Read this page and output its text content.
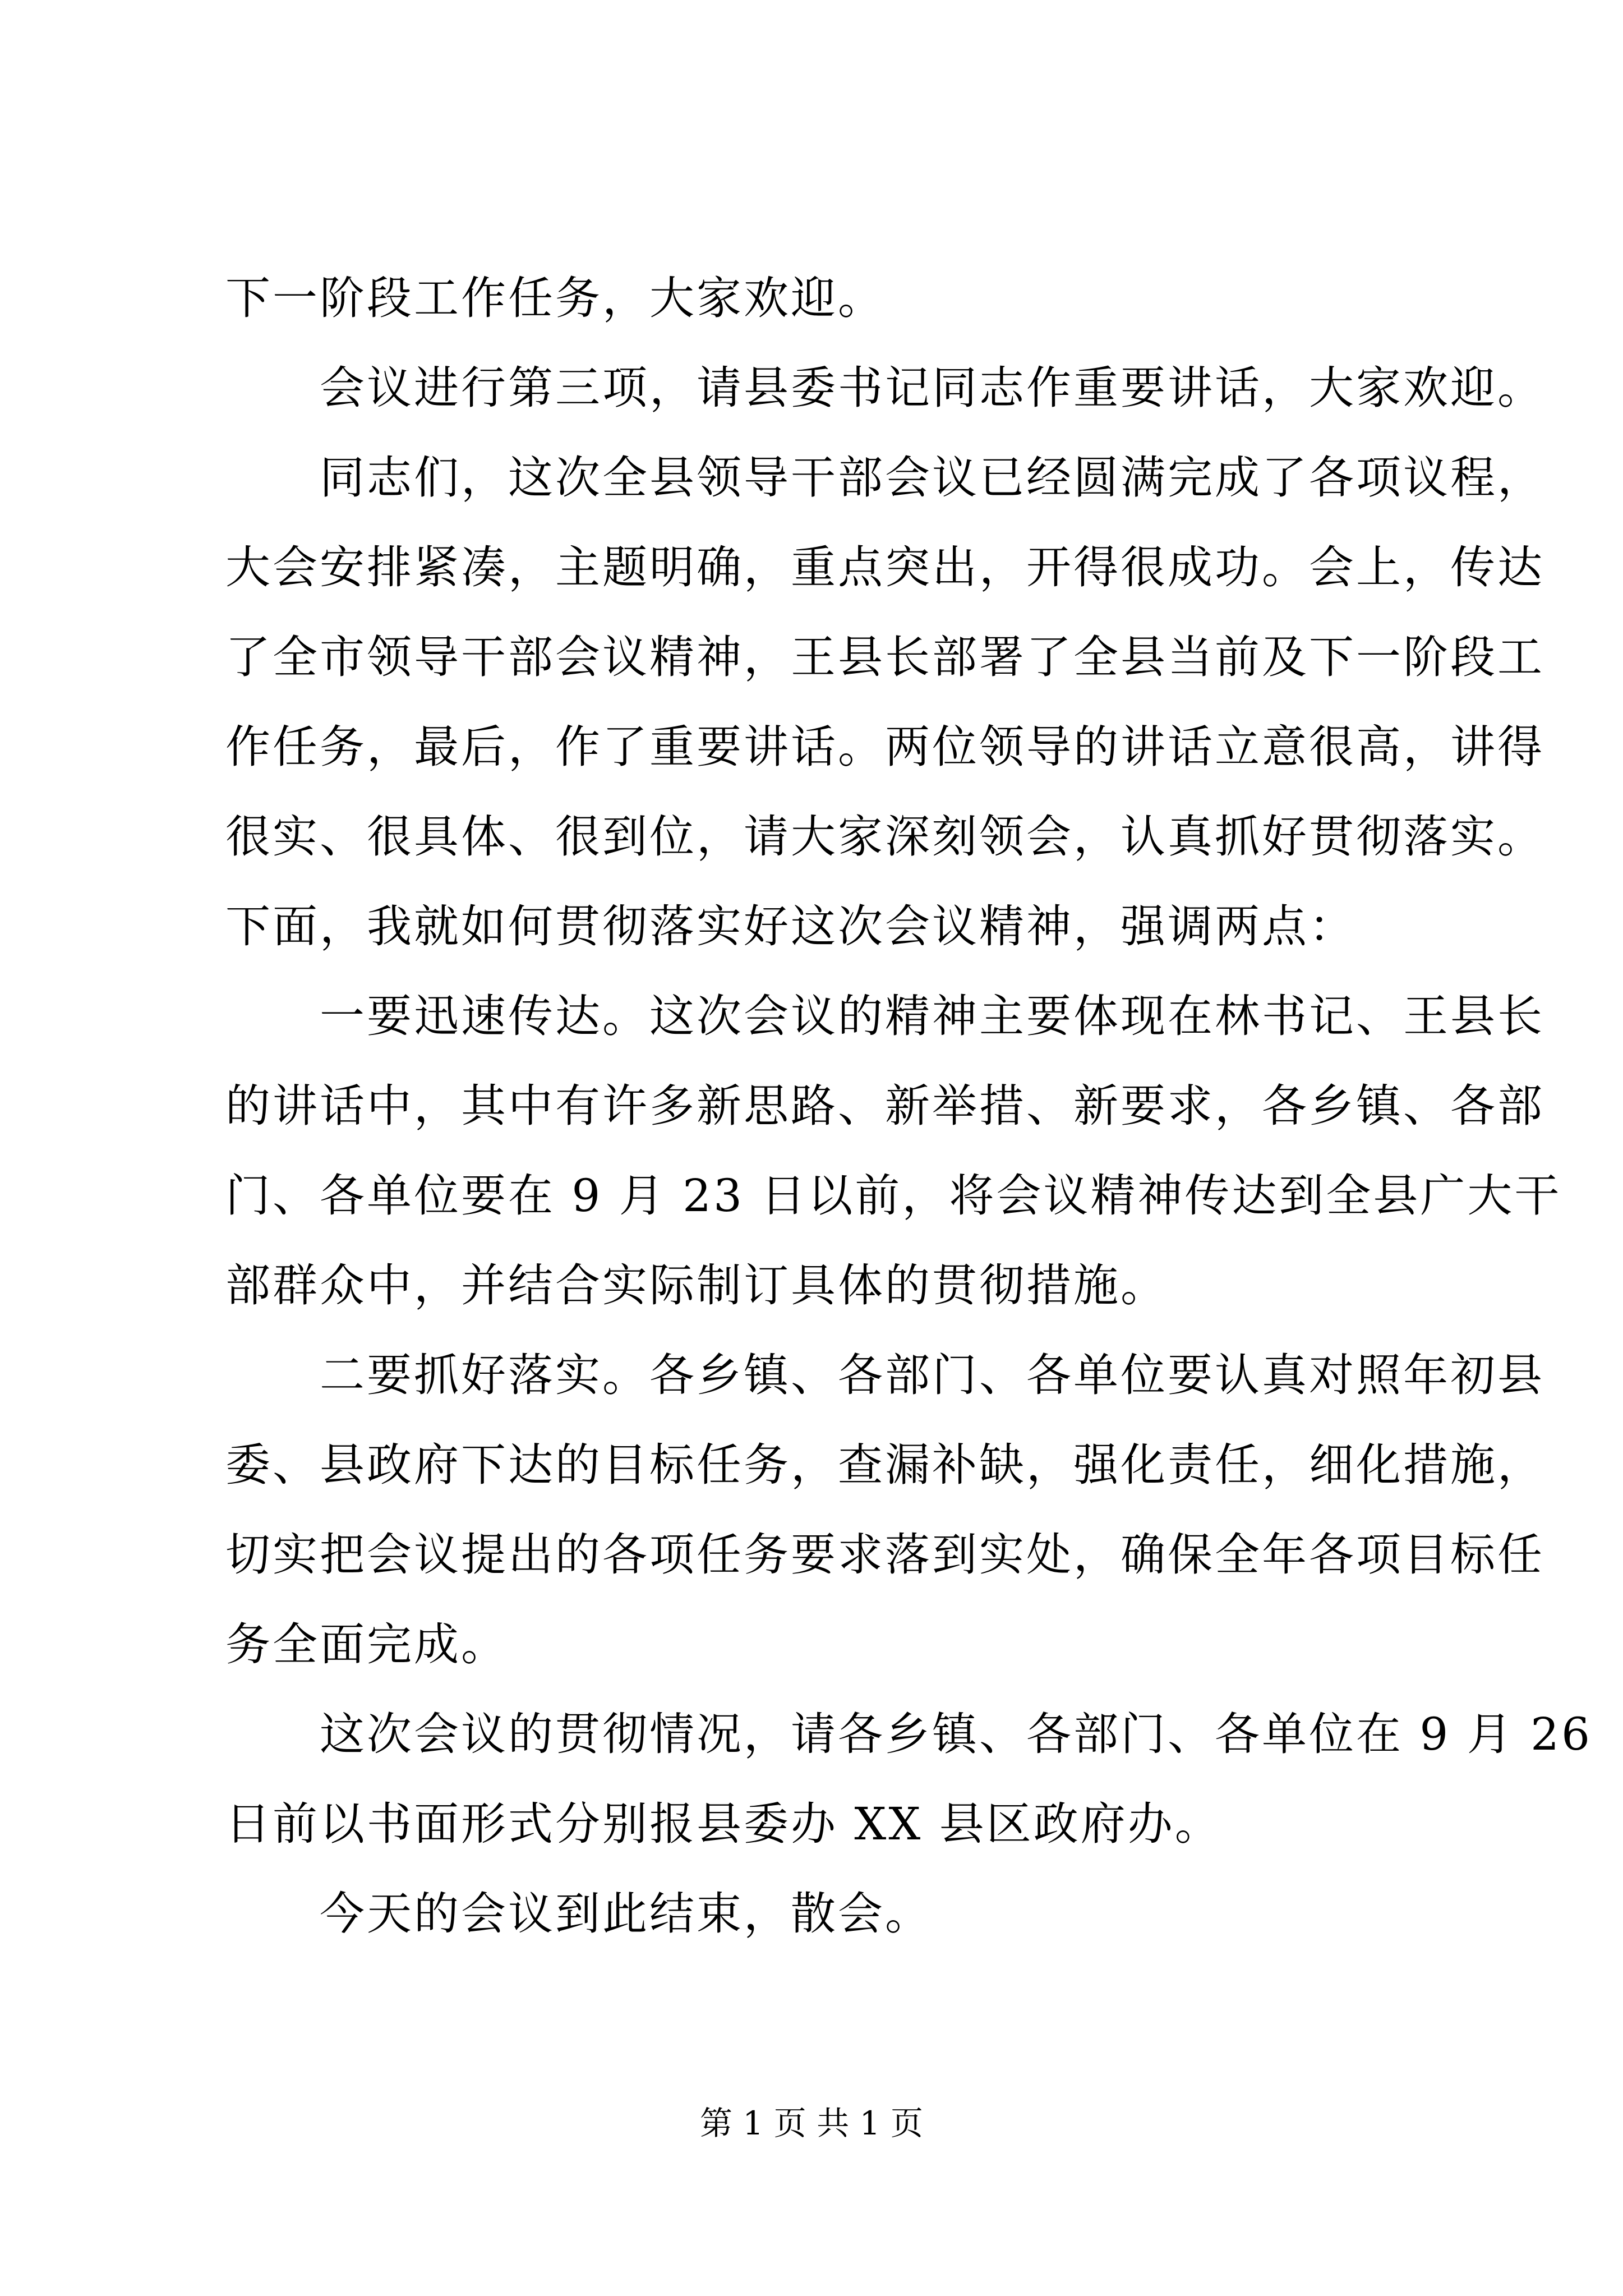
下一阶段工作任务，大家欢迎。
会议进行第三项，请县委书记同志作重要讲话，大家欢迎。
同志们，这次全县领导干部会议已经圆满完成了各项议程，
大会安排紧凑，主题明确，重点突出，开得很成功。会上，传达
了全市领导干部会议精神，王县长部署了全县当前及下一阶段工
作任务，最后，作了重要讲话。两位领导的讲话立意很高，讲得
很实、很具体、很到位，请大家深刻领会，认真抓好贯彻落实。
下面，我就如何贯彻落实好这次会议精神，强调两点：
一要迅速传达。这次会议的精神主要体现在林书记、王县长
的讲话中，其中有许多新思路、新举措、新要求，各乡镇、各部
门、各单位要在 9 月 23 日以前，将会议精神传达到全县广大干
部群众中，并结合实际制订具体的贯彻措施。
二要抓好落实。各乡镇、各部门、各单位要认真对照年初县
委、县政府下达的目标任务，查漏补缺，强化责任，细化措施，
切实把会议提出的各项任务要求落到实处，确保全年各项目标任
务全面完成。
这次会议的贯彻情况，请各乡镇、各部门、各单位在 9 月 26
日前以书面形式分别报县委办 XX 县区政府办。
今天的会议到此结束，散会。
第 1 页 共 1 页
